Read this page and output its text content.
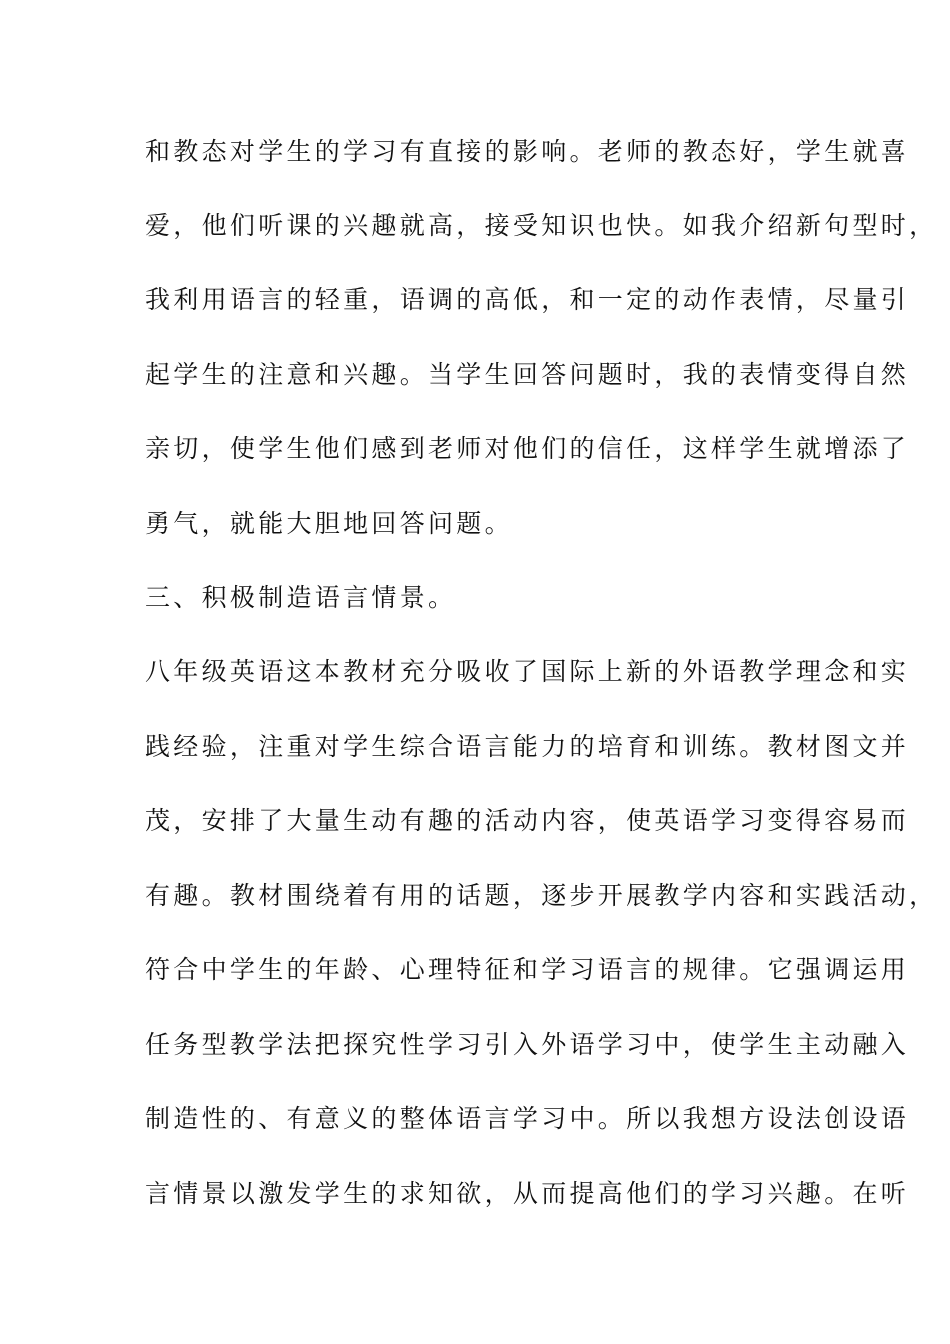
和教态对学生的学习有直接的影响。老师的教态好，学生就喜
爱，他们听课的兴趣就高，接受知识也快。如我介绍新句型时，
我利用语言的轻重，语调的高低，和一定的动作表情，尽量引
起学生的注意和兴趣。当学生回答问题时，我的表情变得自然
亲切，使学生他们感到老师对他们的信任，这样学生就增添了
勇气，就能大胆地回答问题。
三、积极制造语言情景。
八年级英语这本教材充分吸收了国际上新的外语教学理念和实
践经验，注重对学生综合语言能力的培育和训练。教材图文并
茂，安排了大量生动有趣的活动内容，使英语学习变得容易而
有趣。教材围绕着有用的话题，逐步开展教学内容和实践活动，
符合中学生的年龄、心理特征和学习语言的规律。它强调运用
任务型教学法把探究性学习引入外语学习中，使学生主动融入
制造性的、有意义的整体语言学习中。所以我想方设法创设语
言情景以激发学生的求知欲，从而提高他们的学习兴趣。在听
